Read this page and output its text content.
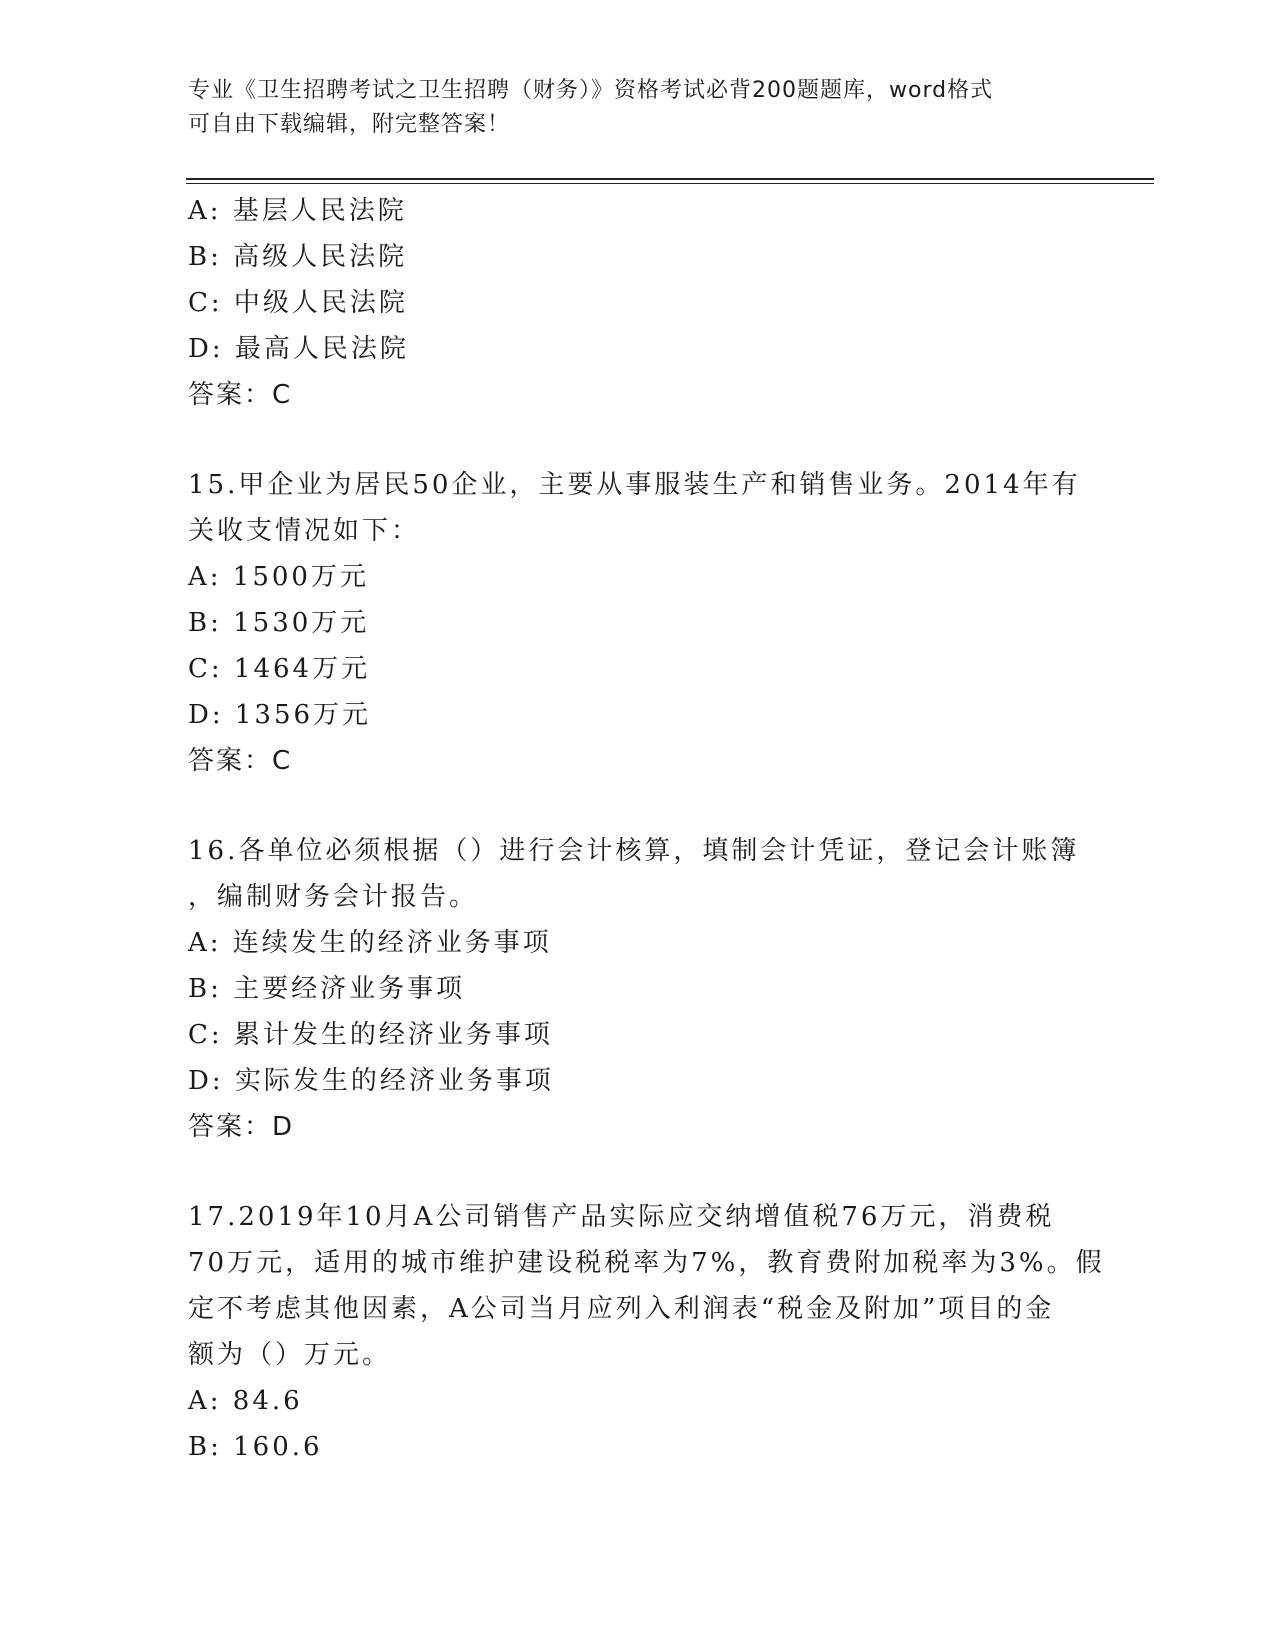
专业《卫生招聘考试之卫生招聘（财务）》资格考试必背200题题库，word格式
可自由下载编辑，附完整答案！
A: 基层人民法院
B: 高级人民法院
C: 中级人民法院
D: 最高人民法院
答案：C
15.甲企业为居民50企业，主要从事服装生产和销售业务。2014年有
关收支情况如下：
A: 1500万元
B: 1530万元
C: 1464万元
D: 1356万元
答案：C
16.各单位必须根据（）进行会计核算，填制会计凭证，登记会计账簿
，编制财务会计报告。
A: 连续发生的经济业务事项
B: 主要经济业务事项
C: 累计发生的经济业务事项
D: 实际发生的经济业务事项
答案：D
17.2019年10月A公司销售产品实际应交纳增值税76万元，消费税
70万元，适用的城市维护建设税税率为7%，教育费附加税率为3%。假
定不考虑其他因素，A公司当月应列入利润表“税金及附加”项目的金
额为（）万元。
A: 84.6
B: 160.6
